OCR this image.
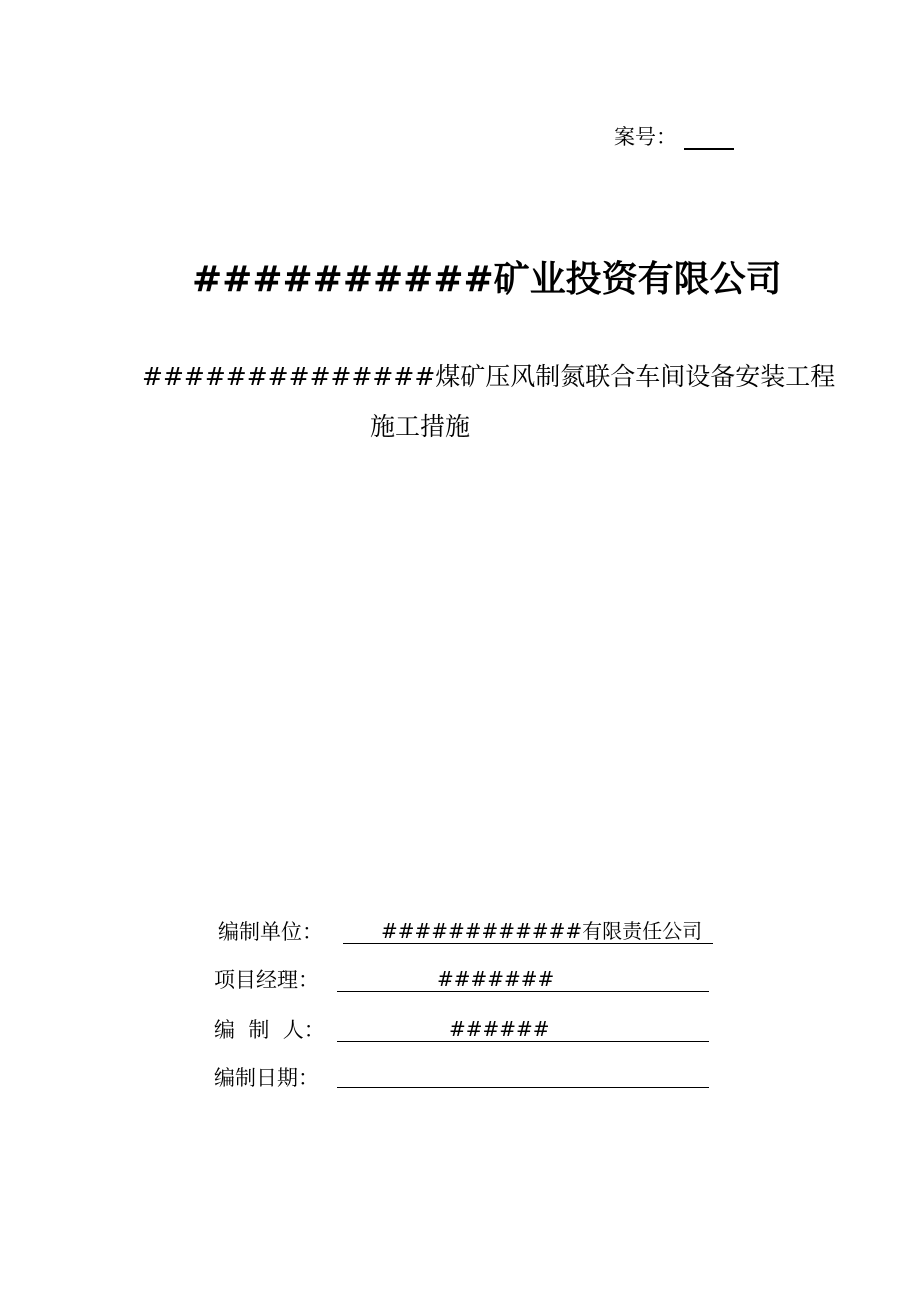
案号：
##########矿业投资有限公司
##############煤矿压风制氮联合车间设备安装工程
施工措施
编制单位：	############有限责任公司
项目经理：	#######
编  制  人：	######
编制日期：
